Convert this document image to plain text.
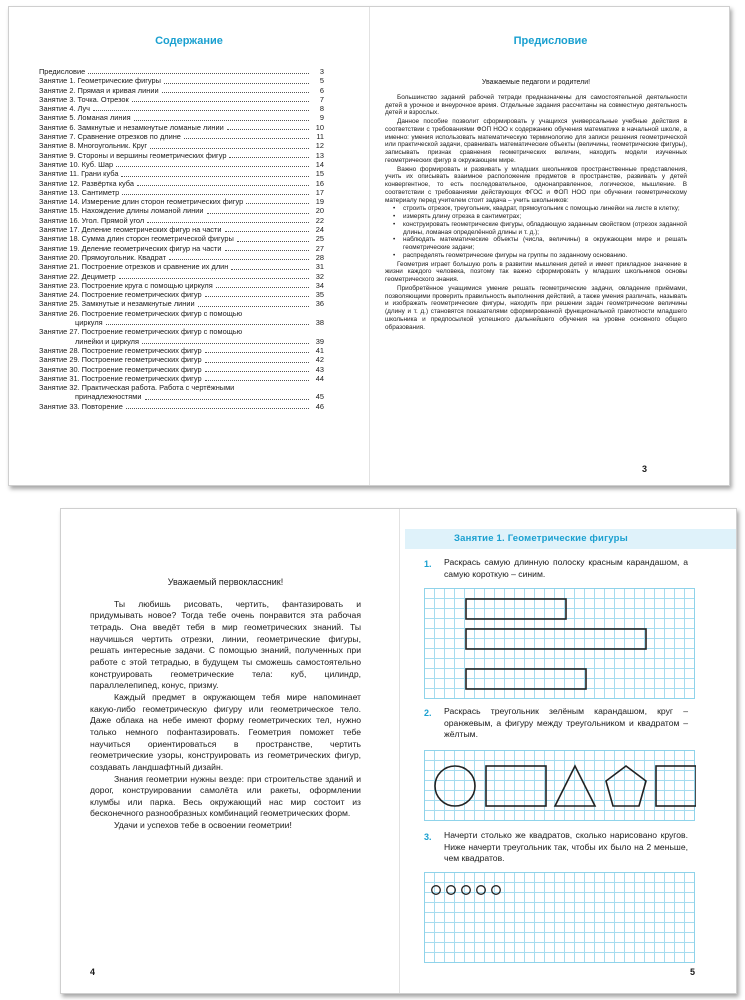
Содержание
Предисловие	3
Занятие 1. Геометрические фигуры	5
Занятие 2. Прямая и кривая линии	6
Занятие 3. Точка. Отрезок	7
Занятие 4. Луч	8
Занятие 5. Ломаная линия	9
Занятие 6. Замкнутые и незамкнутые ломаные линии	10
Занятие 7. Сравнение отрезков по длине	11
Занятие 8. Многоугольник. Круг	12
Занятие 9. Стороны и вершины геометрических фигур	13
Занятие 10. Куб. Шар	14
Занятие 11. Грани куба	15
Занятие 12. Развёртка куба	16
Занятие 13. Сантиметр	17
Занятие 14. Измерение длин сторон геометрических фигур	19
Занятие 15. Нахождение длины ломаной линии	20
Занятие 16. Угол. Прямой угол	22
Занятие 17. Деление геометрических фигур на части	24
Занятие 18. Сумма длин сторон геометрической фигуры	25
Занятие 19. Деление геометрических фигур на части	27
Занятие 20. Прямоугольник. Квадрат	28
Занятие 21. Построение отрезков и сравнение их длин	31
Занятие 22. Дециметр	32
Занятие 23. Построение круга с помощью циркуля	34
Занятие 24. Построение геометрических фигур	35
Занятие 25. Замкнутые и незамкнутые линии	36
Занятие 26. Построение геометрических фигур с помощью
циркуля	38
Занятие 27. Построение геометрических фигур с помощью
линейки и циркуля	39
Занятие 28. Построение геометрических фигур	41
Занятие 29. Построение геометрических фигур	42
Занятие 30. Построение геометрических фигур	43
Занятие 31. Построение геометрических фигур	44
Занятие 32. Практическая работа. Работа с чертёжными
принадлежностями	45
Занятие 33. Повторение	46
Предисловие
Уважаемые педагоги и родители!

Большинство заданий рабочей тетради предназначены для самостоятельной деятельности детей в урочное и внеурочное время. Отдельные задания рассчитаны на совместную деятельность детей и взрослых.

Данное пособие позволит сформировать у учащихся универсальные учебные действия в соответствии с требованиями ФОП НОО к содержанию обучения математике в начальной школе, а именно: умения использовать математическую терминологию для записи решения геометрической или практической задачи, сравнивать математические объекты (величины, геометрические фигуры), записывать признак сравнения геометрических величин, находить модели изученных геометрических фигур в окружающем мире.

Важно формировать и развивать у младших школьников пространственные представления, учить их описывать взаимное расположение предметов в пространстве, развивать у детей конвергентное, то есть последовательное, однонаправленное, логическое, мышление. В соответствии с требованиями действующих ФГОС и ФОП НОО при обучении геометрическому материалу перед учителем стоит задача – учить школьников:

• строить отрезок, треугольник, квадрат, прямоугольник с помощью линейки на листе в клетку;
• измерять длину отрезка в сантиметрах;
• конструировать геометрические фигуры, обладающую заданным свойством (отрезок заданной длины, ломаная определённой длины и т. д.);
• наблюдать математические объекты (числа, величины) в окружающем мире и решать геометрические задачи;
• распределять геометрические фигуры на группы по заданному основанию.

Геометрия играет большую роль в развитии мышления детей и имеет прикладное значение в жизни каждого человека, поэтому так важно сформировать у младших школьников основы геометрического знания.

Приобретённое учащимися умение решать геометрические задачи, овладение приёмами, позволяющими проверить правильность выполнения действий, а также умения различать, называть и изображать геометрические фигуры, находить при решении задач геометрические величины (длину и т. д.) становятся показателями сформированной функциональной грамотности младшего школьника и предпосылкой успешного дальнейшего обучения на уровне основного общего образования.

3
Уважаемый первоклассник!

Ты любишь рисовать, чертить, фантазировать и придумывать новое? Тогда тебе очень понравится эта рабочая тетрадь. Она введёт тебя в мир геометрических знаний. Ты научишься чертить отрезки, линии, геометрические фигуры, решать интересные задачи. С помощью знаний, полученных при работе с этой тетрадью, в будущем ты сможешь самостоятельно конструировать геометрические тела: куб, цилиндр, параллелепипед, конус, призму.

Каждый предмет в окружающем тебя мире напоминает какую-либо геометрическую фигуру или геометрическое тело. Даже облака на небе имеют форму геометрических тел, нужно только немного пофантазировать. Геометрия поможет тебе научиться ориентироваться в пространстве, чертить геометрические узоры, конструировать из геометрических фигур, создавать ландшафтный дизайн.

Знания геометрии нужны везде: при строительстве зданий и дорог, конструировании самолёта или ракеты, оформлении клумбы или парка. Весь окружающий нас мир состоит из бесконечного разнообразных комбинаций геометрических форм.

Удачи и успехов тебе в освоении геометрии!

4
Занятие 1. Геометрические фигуры
1. Раскрась самую длинную полоску красным карандашом, а самую короткую – синим.
2. Раскрась треугольник зелёным карандашом, круг – оранжевым, а фигуру между треугольником и квадратом – жёлтым.
3. Начерти столько же квадратов, сколько нарисовано кругов. Ниже начерти треугольник так, чтобы их было на 2 меньше, чем квадратов.
5
